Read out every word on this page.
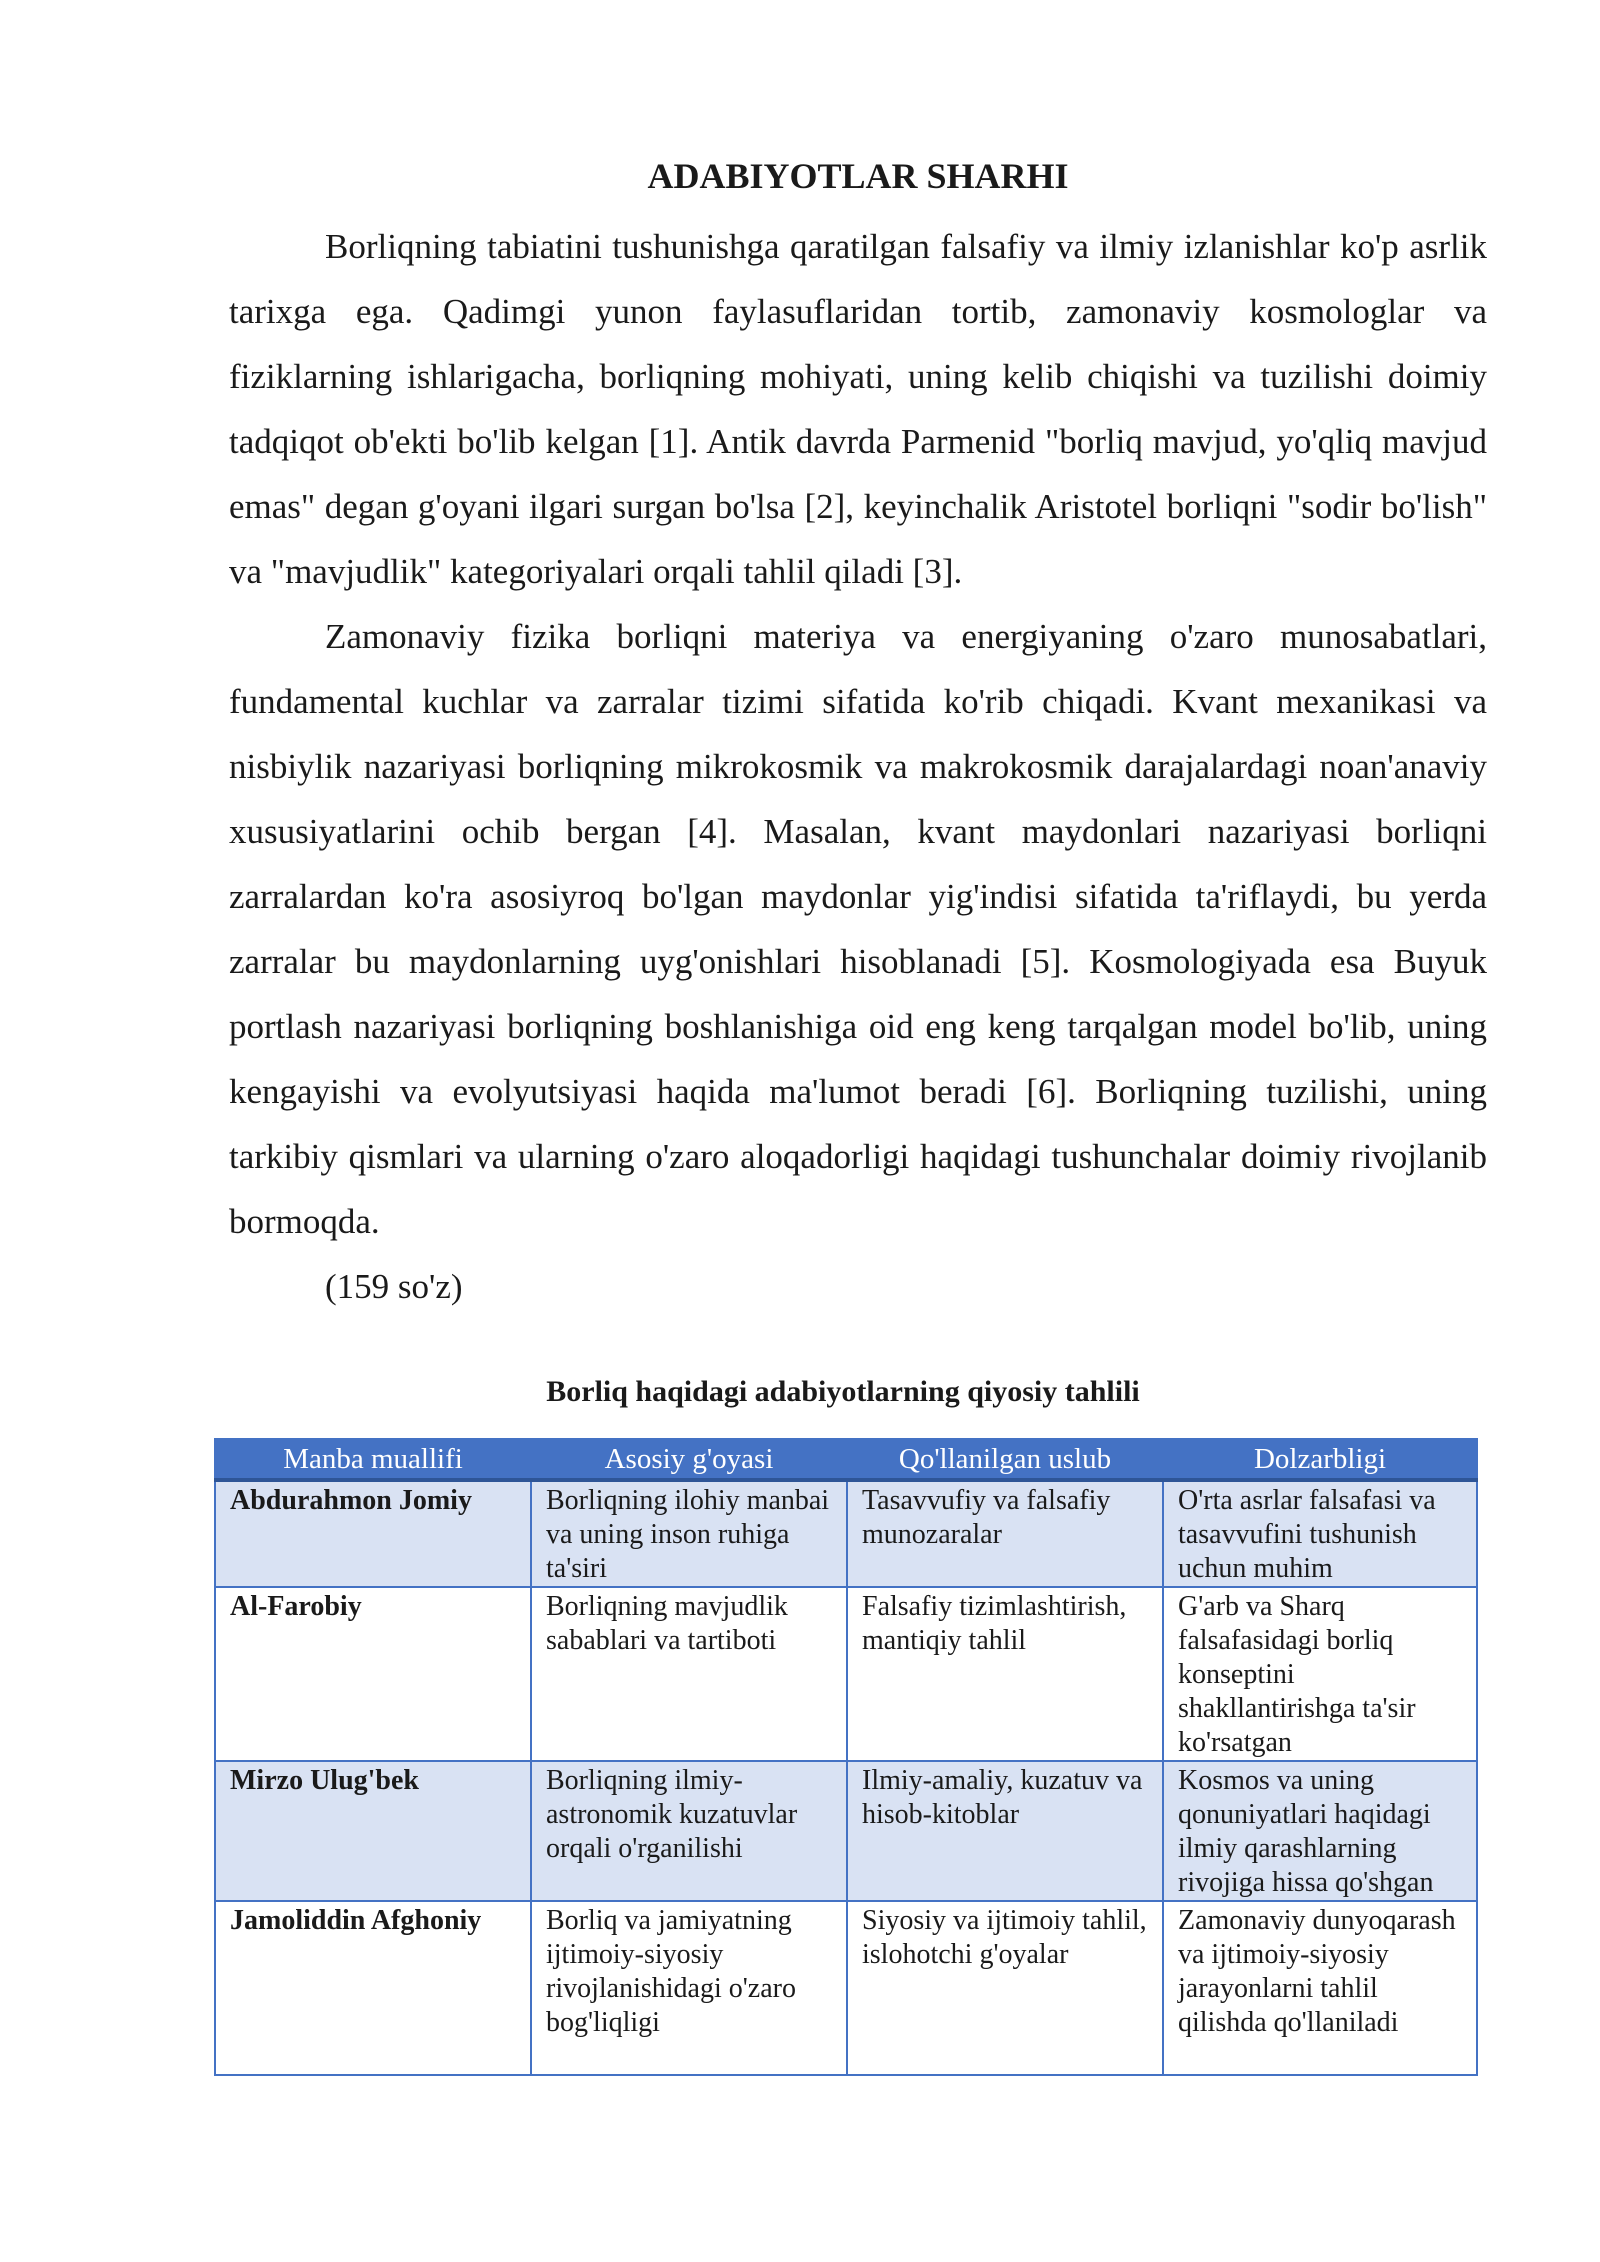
ADABIYOTLAR SHARHI

Borliqning tabiatini tushunishga qaratilgan falsafiy va ilmiy izlanishlar ko'p asrlik tarixga ega. Qadimgi yunon faylasuflaridan tortib, zamonaviy kosmologlar va fiziklarning ishlarigacha, borliqning mohiyati, uning kelib chiqishi va tuzilishi doimiy tadqiqot ob'ekti bo'lib kelgan [1]. Antik davrda Parmenid "borliq mavjud, yo'qliq mavjud emas" degan g'oyani ilgari surgan bo'lsa [2], keyinchalik Aristotel borliqni "sodir bo'lish" va "mavjudlik" kategoriyalari orqali tahlil qiladi [3].

Zamonaviy fizika borliqni materiya va energiyaning o'zaro munosabatlari, fundamental kuchlar va zarralar tizimi sifatida ko'rib chiqadi. Kvant mexanikasi va nisbiylik nazariyasi borliqning mikrokosmik va makrokosmik darajalardagi noan'anaviy xususiyatlarini ochib bergan [4]. Masalan, kvant maydonlari nazariyasi borliqni zarralardan ko'ra asosiyroq bo'lgan maydonlar yig'indisi sifatida ta'riflaydi, bu yerda zarralar bu maydonlarning uyg'onishlari hisoblanadi [5]. Kosmologiyada esa Buyuk portlash nazariyasi borliqning boshlanishiga oid eng keng tarqalgan model bo'lib, uning kengayishi va evolyutsiyasi haqida ma'lumot beradi [6]. Borliqning tuzilishi, uning tarkibiy qismlari va ularning o'zaro aloqadorligi haqidagi tushunchalar doimiy rivojlanib bormoqda.

(159 so'z)

Borliq haqidagi adabiyotlarning qiyosiy tahlili
Manba muallifi	Asosiy g'oyasi	Qo'llanilgan uslub	Dolzarbligi
Abdurahmon Jomiy	Borliqning ilohiy manbai va uning inson ruhiga ta'siri	Tasavvufiy va falsafiy munozaralar	O'rta asrlar falsafasi va tasavvufini tushunish uchun muhim
Al-Farobiy	Borliqning mavjudlik sabablari va tartiboti	Falsafiy tizimlashtirish, mantiqiy tahlil	G'arb va Sharq falsafasidagi borliq konseptini shakllantirishga ta'sir ko'rsatgan
Mirzo Ulug'bek	Borliqning ilmiy-astronomik kuzatuvlar orqali o'rganilishi	Ilmiy-amaliy, kuzatuv va hisob-kitoblar	Kosmos va uning qonuniyatlari haqidagi ilmiy qarashlarning rivojiga hissa qo'shgan
Jamoliddin Afghoniy	Borliq va jamiyatning ijtimoiy-siyosiy rivojlanishidagi o'zaro bog'liqligi	Siyosiy va ijtimoiy tahlil, islohotchi g'oyalar	Zamonaviy dunyoqarash va ijtimoiy-siyosiy jarayonlarni tahlil qilishda qo'llaniladi
